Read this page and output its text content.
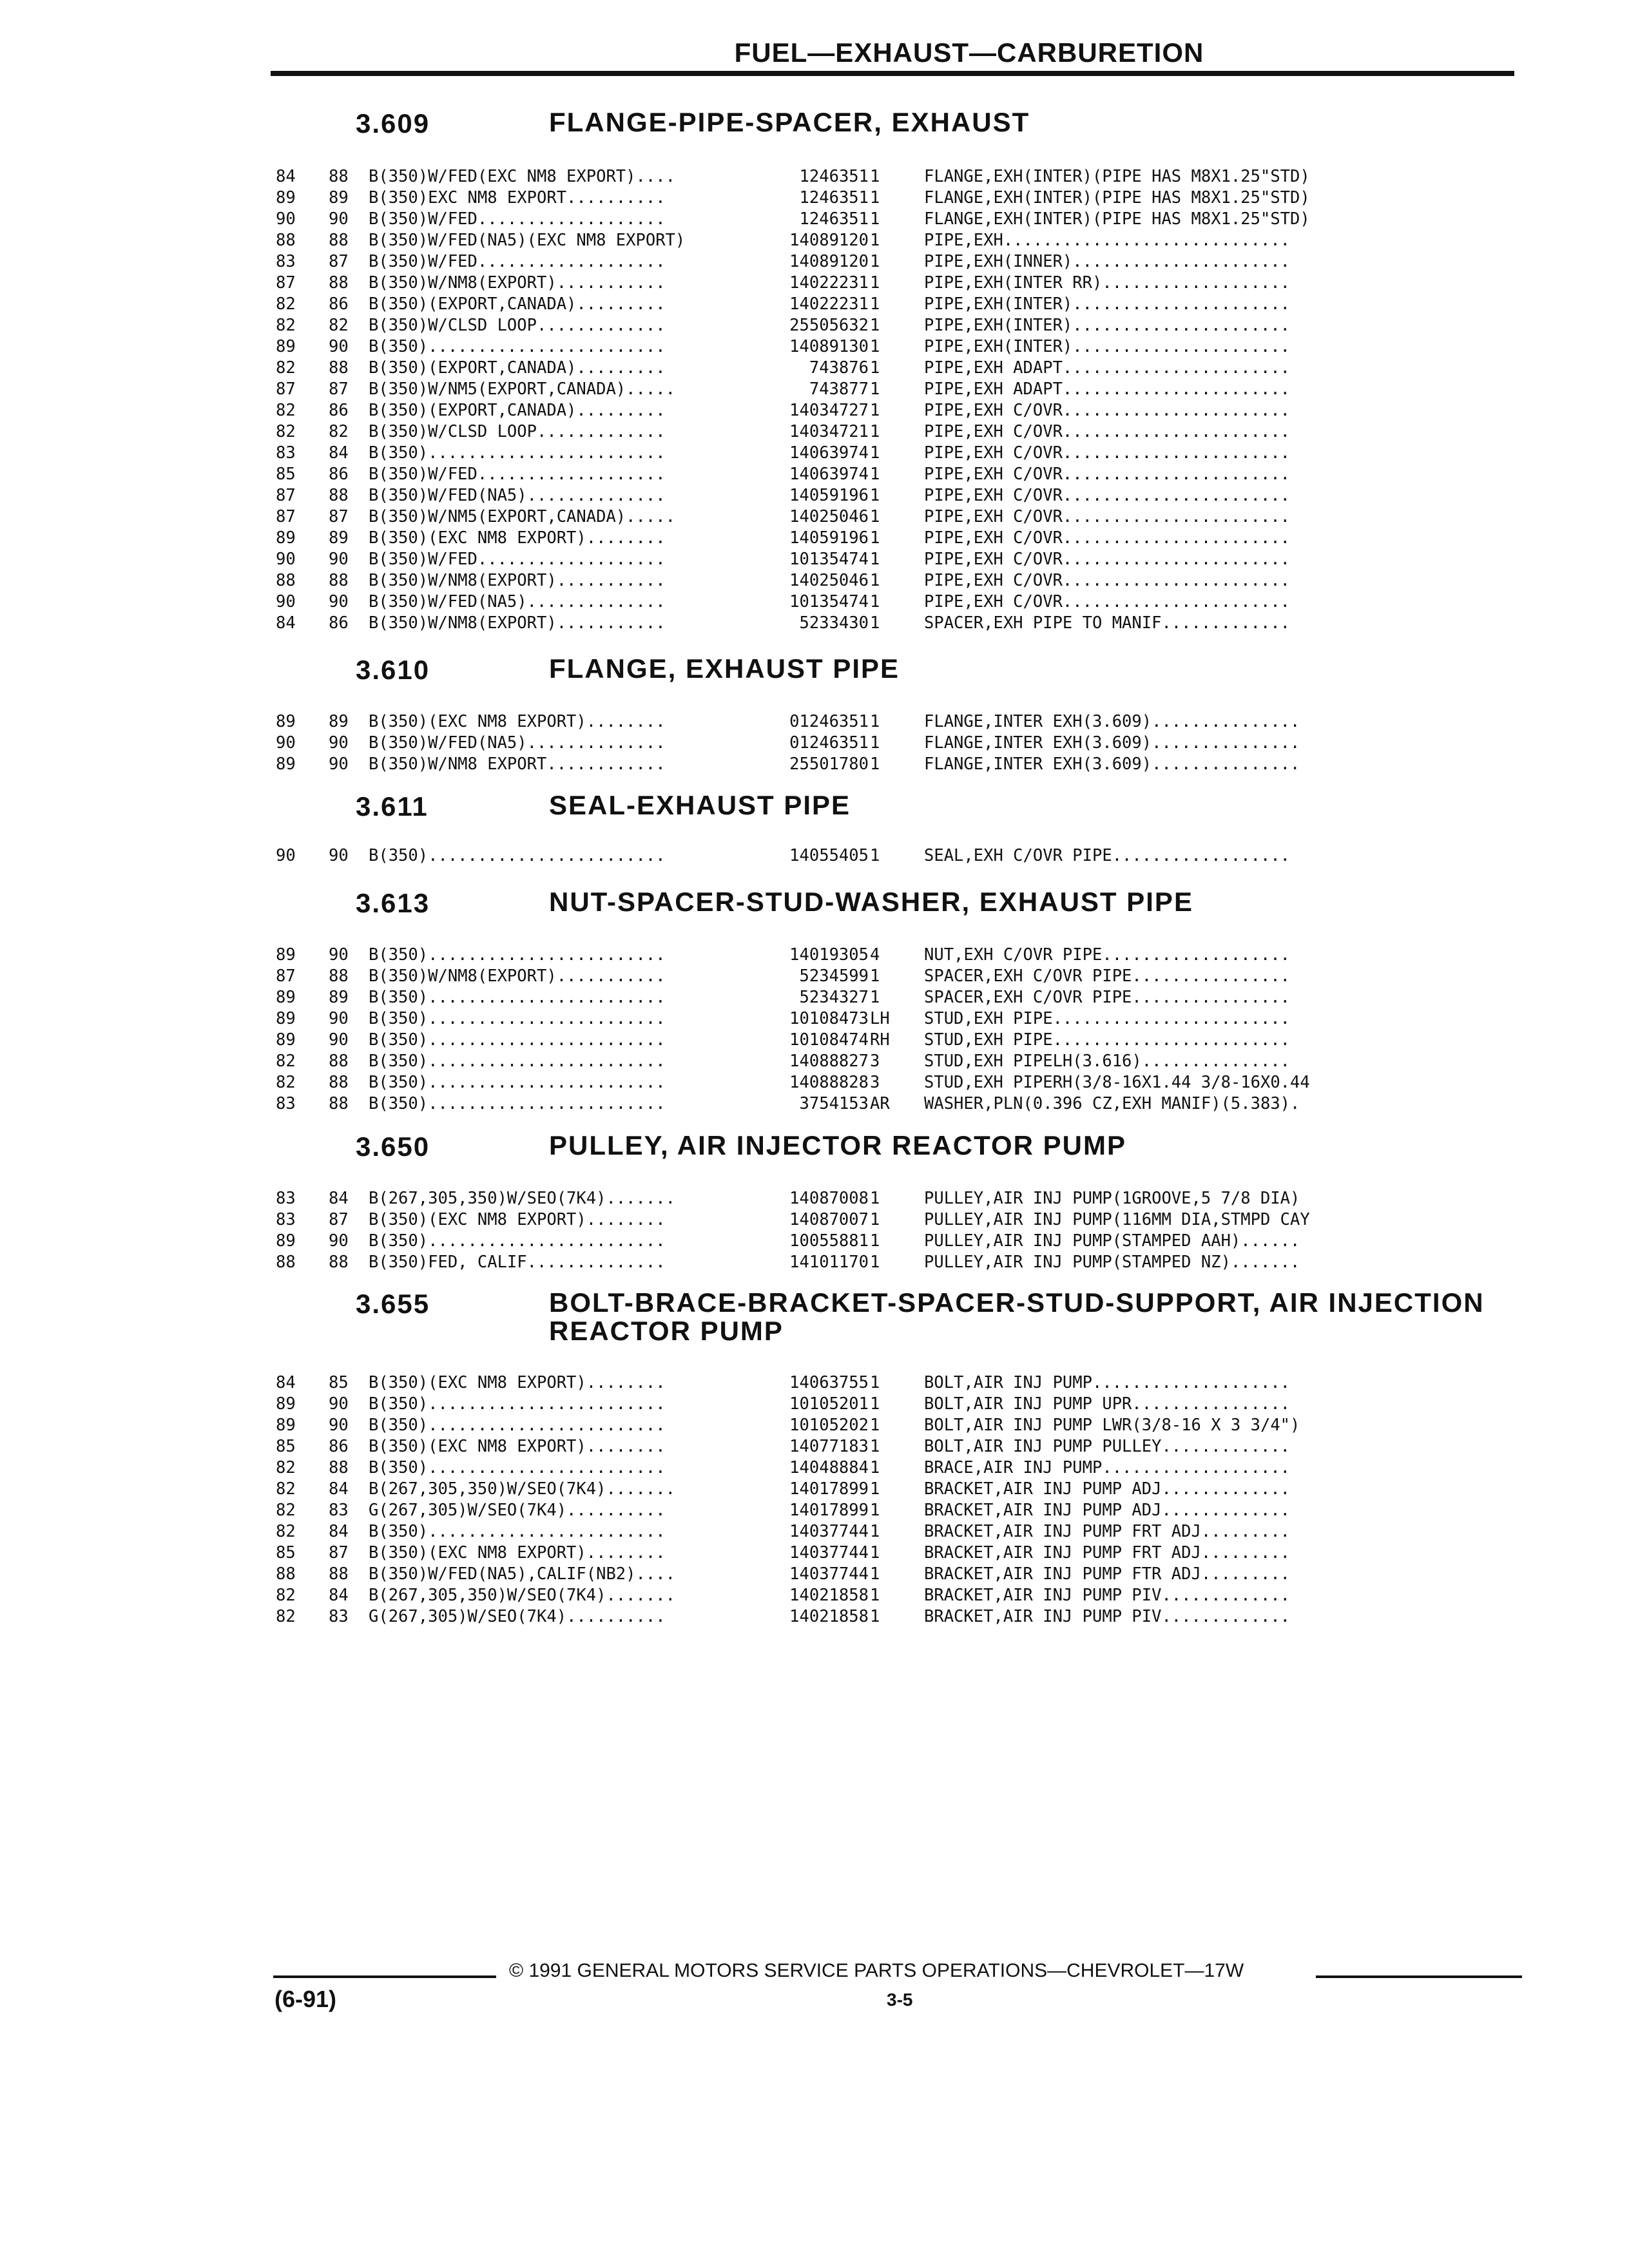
FUEL—EXHAUST—CARBURETION
3.609	FLANGE-PIPE-SPACER, EXHAUST
84 88 B(350)W/FED(EXC NM8 EXPORT)....	1246351 1	FLANGE,EXH(INTER)(PIPE HAS M8X1.25"STD)
89 89 B(350)EXC NM8 EXPORT..........	1246351 1	FLANGE,EXH(INTER)(PIPE HAS M8X1.25"STD)
90 90 B(350)W/FED...................	1246351 1	FLANGE,EXH(INTER)(PIPE HAS M8X1.25"STD)
88 88 B(350)W/FED(NA5)(EXC NM8 EXPORT)	14089120 1	PIPE,EXH.............................
83 87 B(350)W/FED...................	14089120 1	PIPE,EXH(INNER)......................
87 88 B(350)W/NM8(EXPORT)...........	14022231 1	PIPE,EXH(INTER RR)...................
82 86 B(350)(EXPORT,CANADA).........	14022231 1	PIPE,EXH(INTER)......................
82 82 B(350)W/CLSD LOOP.............	25505632 1	PIPE,EXH(INTER)......................
89 90 B(350)........................	14089130 1	PIPE,EXH(INTER)......................
82 88 B(350)(EXPORT,CANADA).........	743876 1	PIPE,EXH ADAPT.......................
87 87 B(350)W/NM5(EXPORT,CANADA).....	743877 1	PIPE,EXH ADAPT.......................
82 86 B(350)(EXPORT,CANADA).........	14034727 1	PIPE,EXH C/OVR.......................
82 82 B(350)W/CLSD LOOP.............	14034721 1	PIPE,EXH C/OVR.......................
83 84 B(350)........................	14063974 1	PIPE,EXH C/OVR.......................
85 86 B(350)W/FED...................	14063974 1	PIPE,EXH C/OVR.......................
87 88 B(350)W/FED(NA5)..............	14059196 1	PIPE,EXH C/OVR.......................
87 87 B(350)W/NM5(EXPORT,CANADA).....	14025046 1	PIPE,EXH C/OVR.......................
89 89 B(350)(EXC NM8 EXPORT)........	14059196 1	PIPE,EXH C/OVR.......................
90 90 B(350)W/FED...................	10135474 1	PIPE,EXH C/OVR.......................
88 88 B(350)W/NM8(EXPORT)...........	14025046 1	PIPE,EXH C/OVR.......................
90 90 B(350)W/FED(NA5)..............	10135474 1	PIPE,EXH C/OVR.......................
84 86 B(350)W/NM8(EXPORT)...........	5233430 1	SPACER,EXH PIPE TO MANIF.............
3.610	FLANGE, EXHAUST PIPE
89 89 B(350)(EXC NM8 EXPORT)........	01246351 1	FLANGE,INTER EXH(3.609)...............
90 90 B(350)W/FED(NA5)..............	01246351 1	FLANGE,INTER EXH(3.609)...............
89 90 B(350)W/NM8 EXPORT............	25501780 1	FLANGE,INTER EXH(3.609)...............
3.611	SEAL-EXHAUST PIPE
90 90 B(350)........................	14055405 1	SEAL,EXH C/OVR PIPE..................
3.613	NUT-SPACER-STUD-WASHER, EXHAUST PIPE
89 90 B(350)........................	14019305 4	NUT,EXH C/OVR PIPE...................
87 88 B(350)W/NM8(EXPORT)...........	5234599 1	SPACER,EXH C/OVR PIPE................
89 89 B(350)........................	5234327 1	SPACER,EXH C/OVR PIPE................
89 90 B(350)........................	10108473 LH STUD,EXH PIPE........................
89 90 B(350)........................	10108474 RH STUD,EXH PIPE........................
82 88 B(350)........................	14088827 3	STUD,EXH PIPELH(3.616)...............
82 88 B(350)........................	14088828 3	STUD,EXH PIPERH(3/8-16X1.44 3/8-16X0.44
83 88 B(350)........................	3754153 AR WASHER,PLN(0.396 CZ,EXH MANIF)(5.383).
3.650	PULLEY, AIR INJECTOR REACTOR PUMP
83 84 B(267,305,350)W/SEO(7K4).......	14087008 1	PULLEY,AIR INJ PUMP(1GROOVE,5 7/8 DIA)
83 87 B(350)(EXC NM8 EXPORT)........	14087007 1	PULLEY,AIR INJ PUMP(116MM DIA,STMPD CAY
89 90 B(350)........................	10055881 1	PULLEY,AIR INJ PUMP(STAMPED AAH)......
88 88 B(350)FED, CALIF..............	14101170 1	PULLEY,AIR INJ PUMP(STAMPED NZ).......
3.655	BOLT-BRACE-BRACKET-SPACER-STUD-SUPPORT, AIR INJECTION REACTOR PUMP
84 85 B(350)(EXC NM8 EXPORT)........	14063755 1	BOLT,AIR INJ PUMP....................
89 90 B(350)........................	10105201 1	BOLT,AIR INJ PUMP UPR................
89 90 B(350)........................	10105202 1	BOLT,AIR INJ PUMP LWR(3/8-16 X 3 3/4")
85 86 B(350)(EXC NM8 EXPORT)........	14077183 1	BOLT,AIR INJ PUMP PULLEY.............
82 88 B(350)........................	14048884 1	BRACE,AIR INJ PUMP...................
82 84 B(267,305,350)W/SEO(7K4).......	14017899 1	BRACKET,AIR INJ PUMP ADJ.............
82 83 G(267,305)W/SEO(7K4)..........	14017899 1	BRACKET,AIR INJ PUMP ADJ.............
82 84 B(350)........................	14037744 1	BRACKET,AIR INJ PUMP FRT ADJ.........
85 87 B(350)(EXC NM8 EXPORT)........	14037744 1	BRACKET,AIR INJ PUMP FRT ADJ.........
88 88 B(350)W/FED(NA5),CALIF(NB2)....	14037744 1	BRACKET,AIR INJ PUMP FTR ADJ.........
82 84 B(267,305,350)W/SEO(7K4).......	14021858 1	BRACKET,AIR INJ PUMP PIV.............
82 83 G(267,305)W/SEO(7K4)..........	14021858 1	BRACKET,AIR INJ PUMP PIV.............
© 1991 GENERAL MOTORS SERVICE PARTS OPERATIONS—CHEVROLET—17W
(6-91)	3-5
